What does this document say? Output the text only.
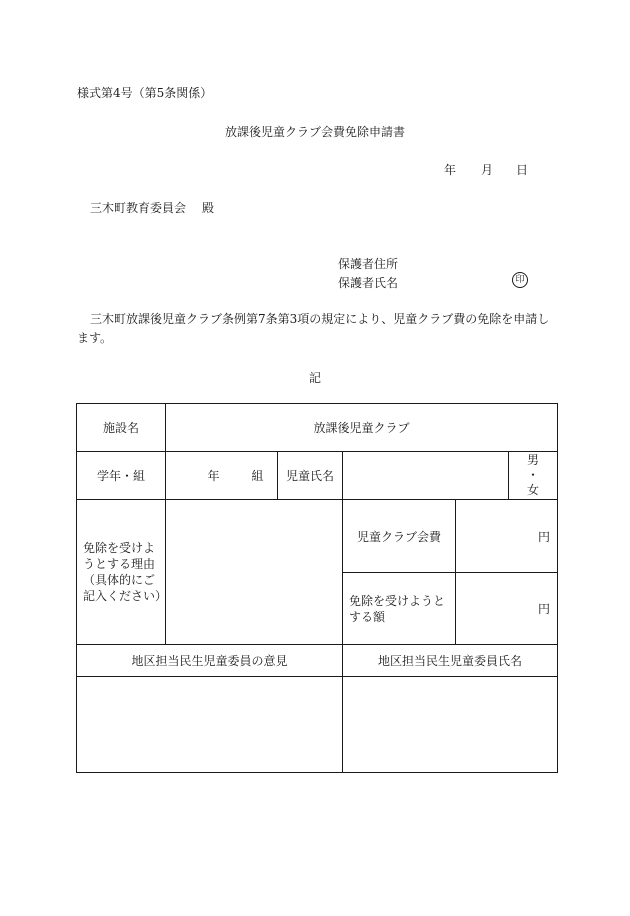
様式第4号（第5条関係）
放課後児童クラブ会費免除申請書
年 月 日
三木町教育委員会 殿
保護者住所
保護者氏名	印
三木町放課後児童クラブ条例第7条第3項の規定により、児童クラブ費の免除を申請します。
記
施設名	放課後児童クラブ				
学年・組	年 組	児童氏名			男
・
女

免除を受けようとする理由（具体的にご記入ください）			児童クラブ会費	円	
			免除を受けようとする額	円	
地区担当民生児童委員の意見			地区担当民生児童委員氏名		
